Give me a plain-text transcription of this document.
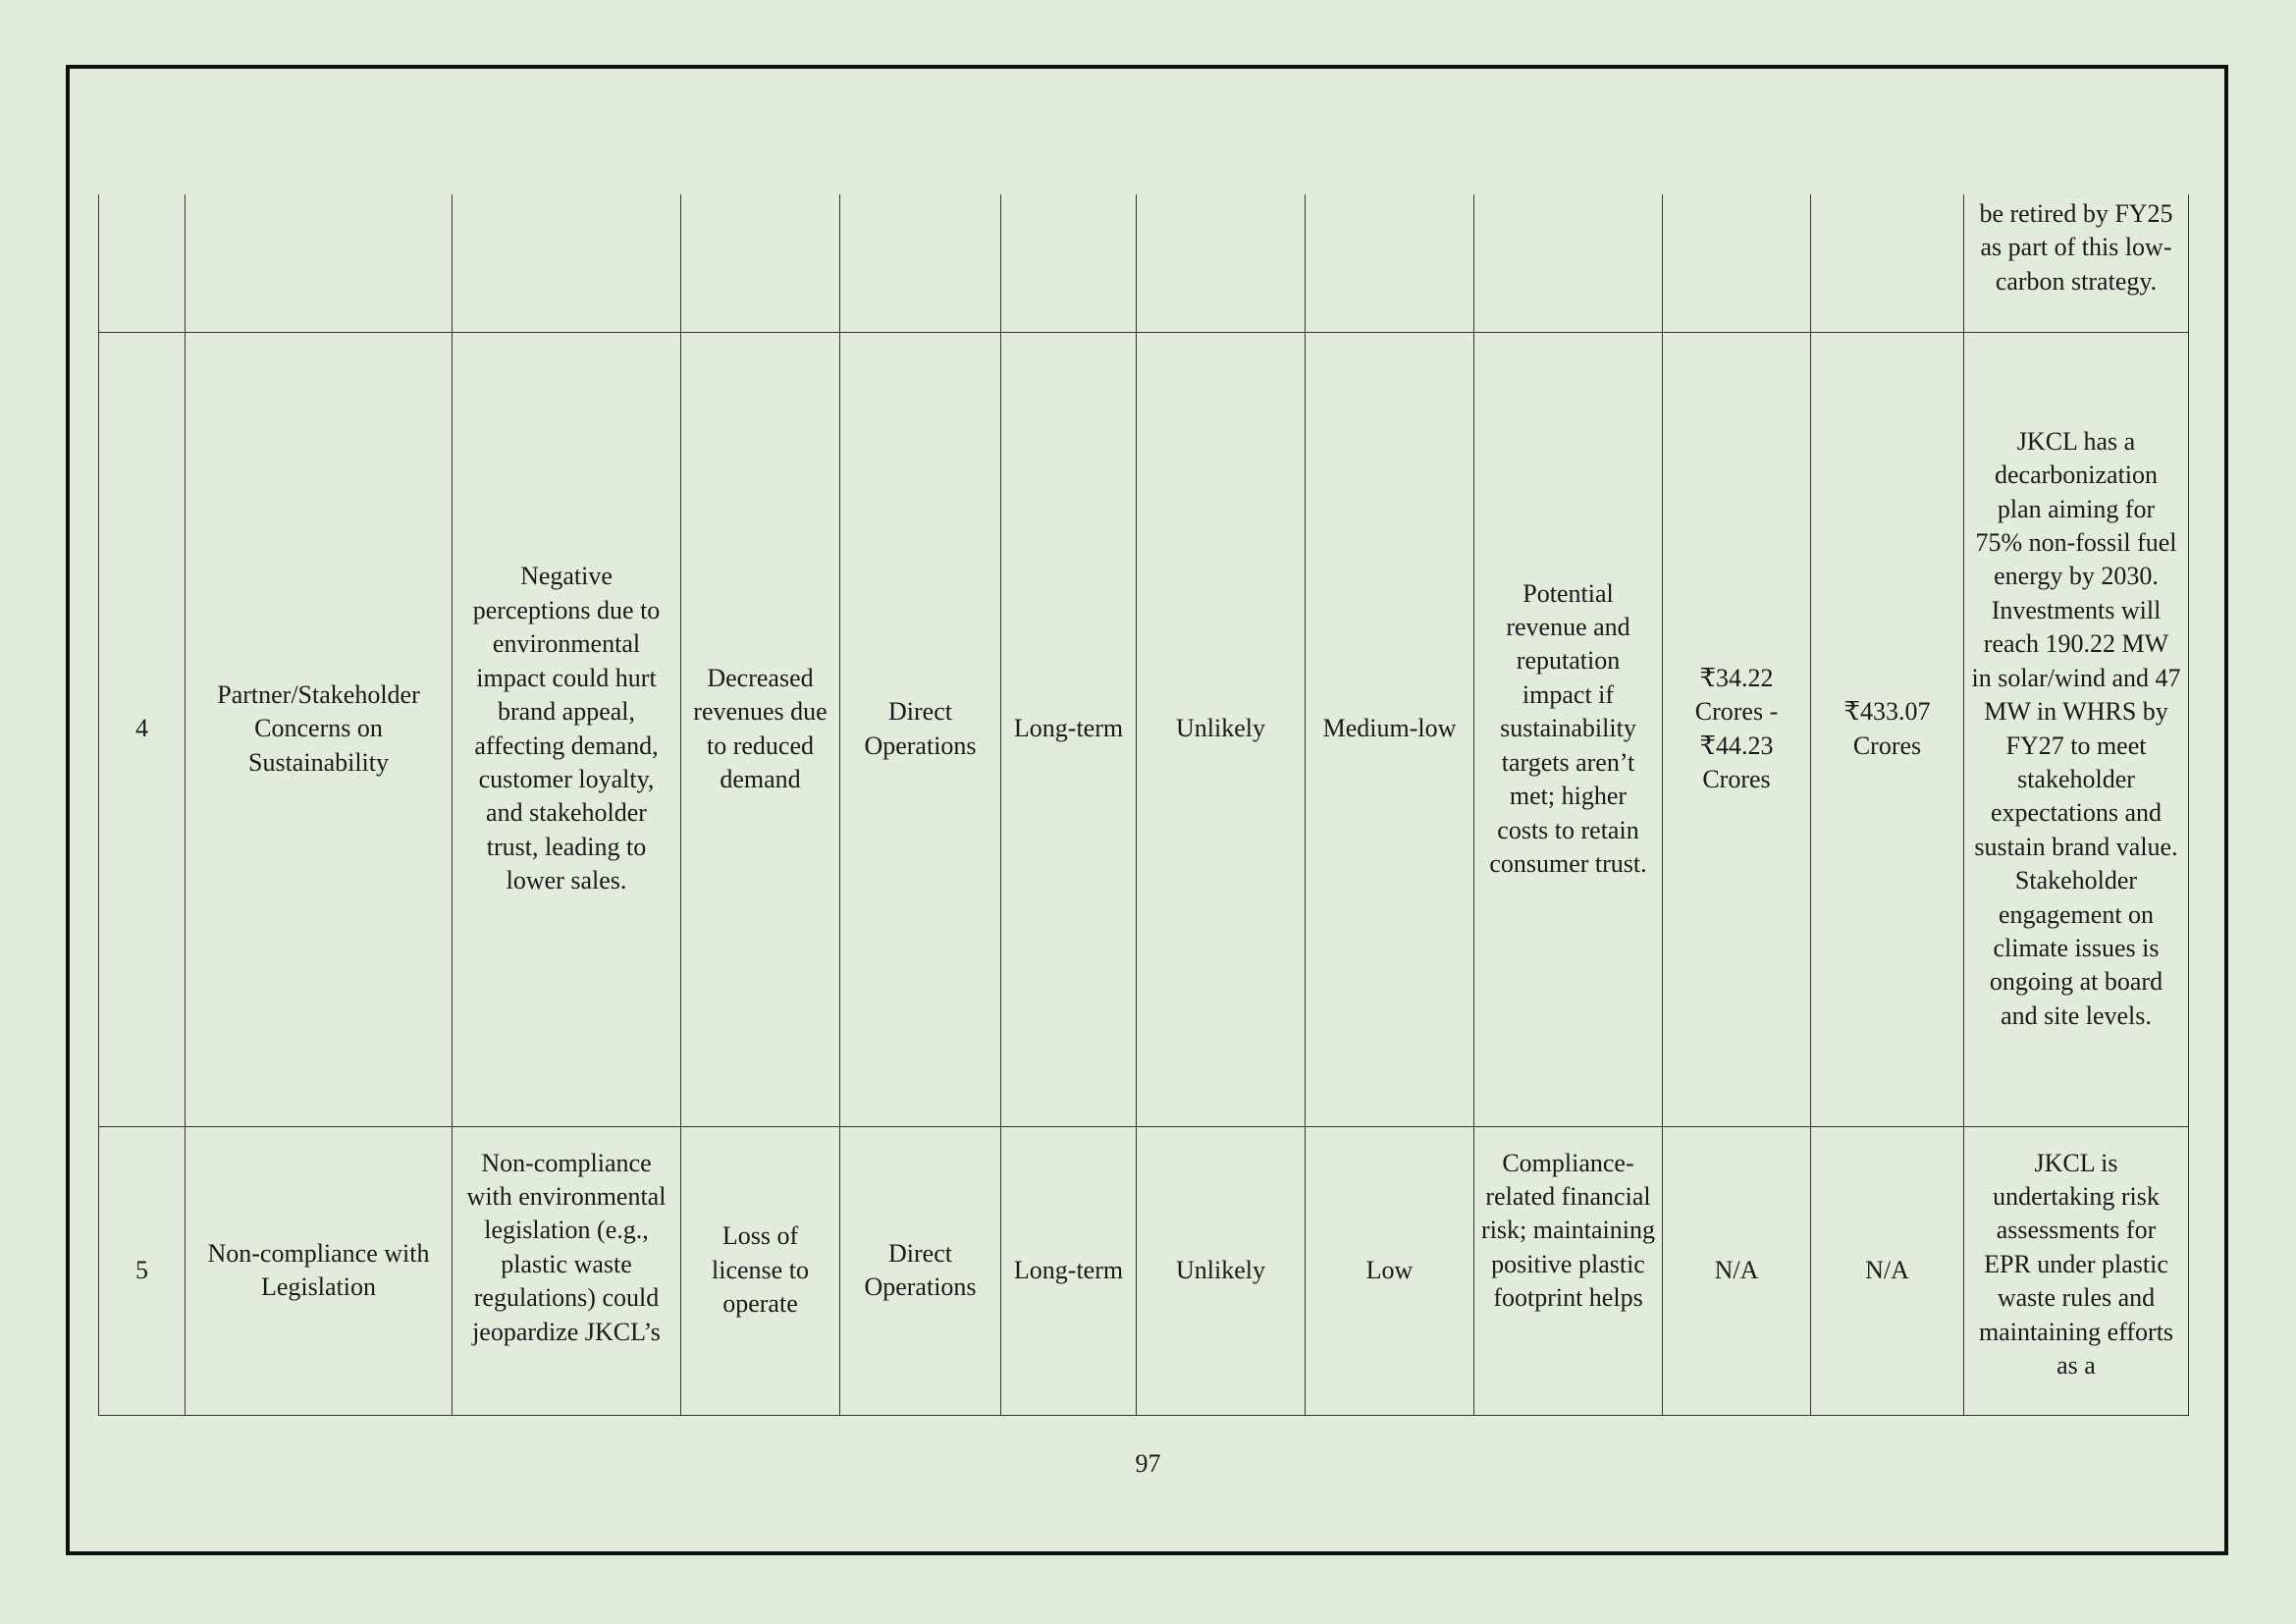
											be retired by FY25 as part of this low-carbon strategy.
4	Partner/Stakeholder Concerns on Sustainability	Negative perceptions due to environmental impact could hurt brand appeal, affecting demand, customer loyalty, and stakeholder trust, leading to lower sales.	Decreased revenues due to reduced demand	Direct Operations	Long-term	Unlikely	Medium-low	Potential revenue and reputation impact if sustainability targets aren’t met; higher costs to retain consumer trust.	₹34.22 Crores - ₹44.23 Crores	₹433.07 Crores	JKCL has a decarbonization plan aiming for 75% non-fossil fuel energy by 2030. Investments will reach 190.22 MW in solar/wind and 47 MW in WHRS by FY27 to meet stakeholder expectations and sustain brand value. Stakeholder engagement on climate issues is ongoing at board and site levels.
5	Non-compliance with Legislation	Non-compliance with environmental legislation (e.g., plastic waste regulations) could jeopardize JKCL’s	Loss of license to operate	Direct Operations	Long-term	Unlikely	Low	Compliance-related financial risk; maintaining positive plastic footprint helps	N/A	N/A	JKCL is undertaking risk assessments for EPR under plastic waste rules and maintaining efforts as a
97
